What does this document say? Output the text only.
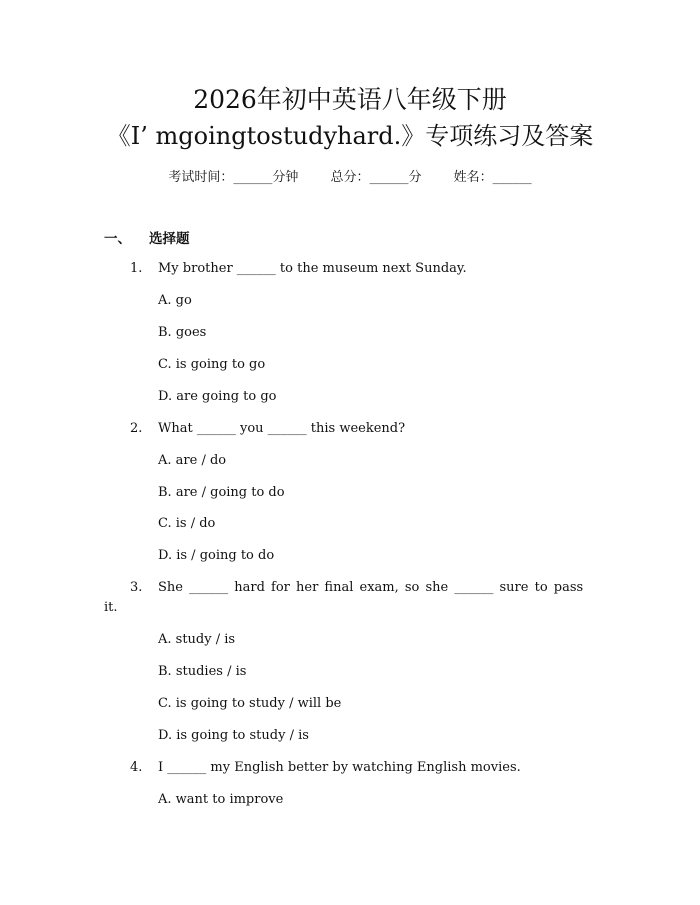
2026年初中英语八年级下册
《I’ mgoingtostudyhard.》专项练习及答案
考试时间：______分钟 总分：______分 姓名：______
一、 选择题
1. My brother ______ to the museum next Sunday.
A. go
B. goes
C. is going to go
D. are going to go
2. What ______ you ______ this weekend?
A. are / do
B. are / going to do
C. is / do
D. is / going to do
3. She ______ hard for her final exam, so she ______ sure to pass
it.
A. study / is
B. studies / is
C. is going to study / will be
D. is going to study / is
4. I ______ my English better by watching English movies.
A. want to improve
